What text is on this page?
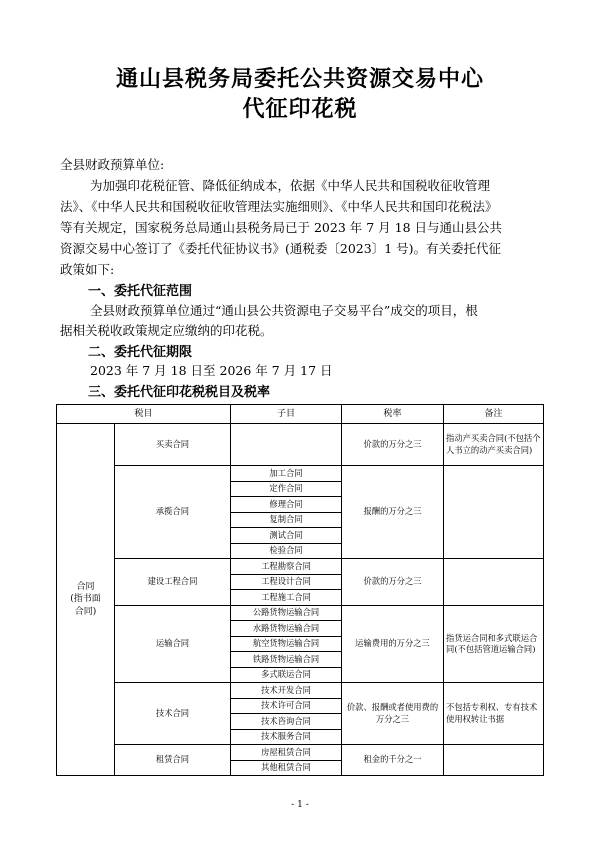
通山县税务局委托公共资源交易中心
代征印花税
全县财政预算单位:
为加强印花税征管、降低征纳成本，依据《中华人民共和国税收征收管理
法》、《中华人民共和国税收征收管理法实施细则》、《中华人民共和国印花税法》
等有关规定，国家税务总局通山县税务局已于 2023 年 7 月 18 日与通山县公共
资源交易中心签订了《委托代征协议书》(通税委〔2023〕1 号)。有关委托代征
政策如下:
一、委托代征范围
全县财政预算单位通过“通山县公共资源电子交易平台”成交的项目，根
据相关税收政策规定应缴纳的印花税。
二、委托代征期限
2023 年 7 月 18 日至 2026 年 7 月 17 日
三、委托代征印花税税目及税率
税目		子目	税率	备注
合同
(指书面
合同)	买卖合同		价款的万分之三	指动产买卖合同(不包括个人书立的动产买卖合同)
	承揽合同	加工合同	报酬的万分之三	
		定作合同		
		修理合同		
		复制合同		
		测试合同		
		检验合同		
	建设工程合同	工程勘察合同	价款的万分之三	
		工程设计合同		
		工程施工合同		
	运输合同	公路货物运输合同	运输费用的万分之三	指货运合同和多式联运合同(不包括管道运输合同)
		水路货物运输合同		
		航空货物运输合同		
		铁路货物运输合同		
		多式联运合同		
	技术合同	技术开发合同	价款、报酬或者使用费的万分之三	不包括专利权、专有技术使用权转让书据
		技术许可合同		
		技术咨询合同		
		技术服务合同		
	租赁合同	房屋租赁合同	租金的千分之一	
		其他租赁合同		
- 1 -
